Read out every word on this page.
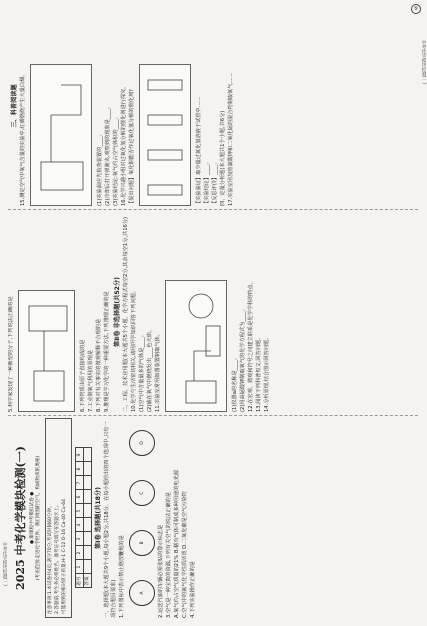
⑤
2025 中考化学模块检测(一) ● 新课程中考模拟试卷 ● (考查范围:走进化学世界、我们周围的空气、构成物质的奥秘) 注意事项:1.本试卷共4页,满分70分,考试时间60分钟。 2.答题前,考生务必将姓名、准考证号填写在答题卡上。 可能用到的相对原子质量:H-1 C-12 O-16 Ca-40 Cu-64 题号	1	2	3	4	5	6	7	8	9
答案									
第Ⅰ卷 选择题(共18分) 一、选择题(本大题共9个小题,每小题2分,共18分。在每小题给出的四个选项中,只有一项符合题目要求) 1.下列图标中表示禁止燃放鞭炮的是	A
B
C
D

2.运送汽油的车辆必须张贴的警示标志是 3.空气是一种宝贵的资源,下列有关空气的说法正确的是 A.氧气约占空气质量的21% B.稀有气体可制成多种用途的电光源 C.空气中的氮气化学性质活泼 D.二氧化碳是空气污染物 4.下列实验操作正确的是

5.科学家发现了一种新型的分子,下列说法正确的是	6.下列物质由原子直接构成的是 7.工业制氧气利用的原理是 8.下列对有关事实的微观解释不合理的是 9.推理是学习化学的一种重要方法,下列推理正确的是 第Ⅱ卷 非选择题(共52分) 二、工程、技术应用题(本大题共5个小题。化学方程式每空2分,其余每空1分,共16分) 10.化学与生活密切相关,请用所学知识回答下列问题。 (1)空气中含量最多的气体是____。 (2)硫在氧气中燃烧发出____色火焰。 11.实验室常用如图装置制取气体。	(1)仪器a的名称是____。 (2)用高锰酸钾制取氧气的化学方程式为____。 12.在宏观、微观和符号之间建立联系是化学学科的特点。 13.阅读下列科普短文,回答问题。 14.分析原理,结合图示回答问题。

三、科普阅读题 15.测定空气中氧气含量的实验中,红磷燃烧产生大量白烟。	(1)实验前应先检查装置的____。 (2)冷却后打开弹簧夹,观察到的现象是____。 (3)实验结论:氧气约占空气体积的____。 16.化学兴趣小组对过氧化氢分解的催化剂进行探究。 【提出问题】氧化铜能否作过氧化氢分解的催化剂?	【实验验证】取少量过氧化氢溶液于试管中…… 【实验结论】____。 【反思评价】____。 四、定量分析题(本大题共1个小题,共6分) 17.实验室用加热氯酸钾和二氧化锰的混合物制取氧气……

中考化学模块检测(一)
中考化学模块检测(一)
